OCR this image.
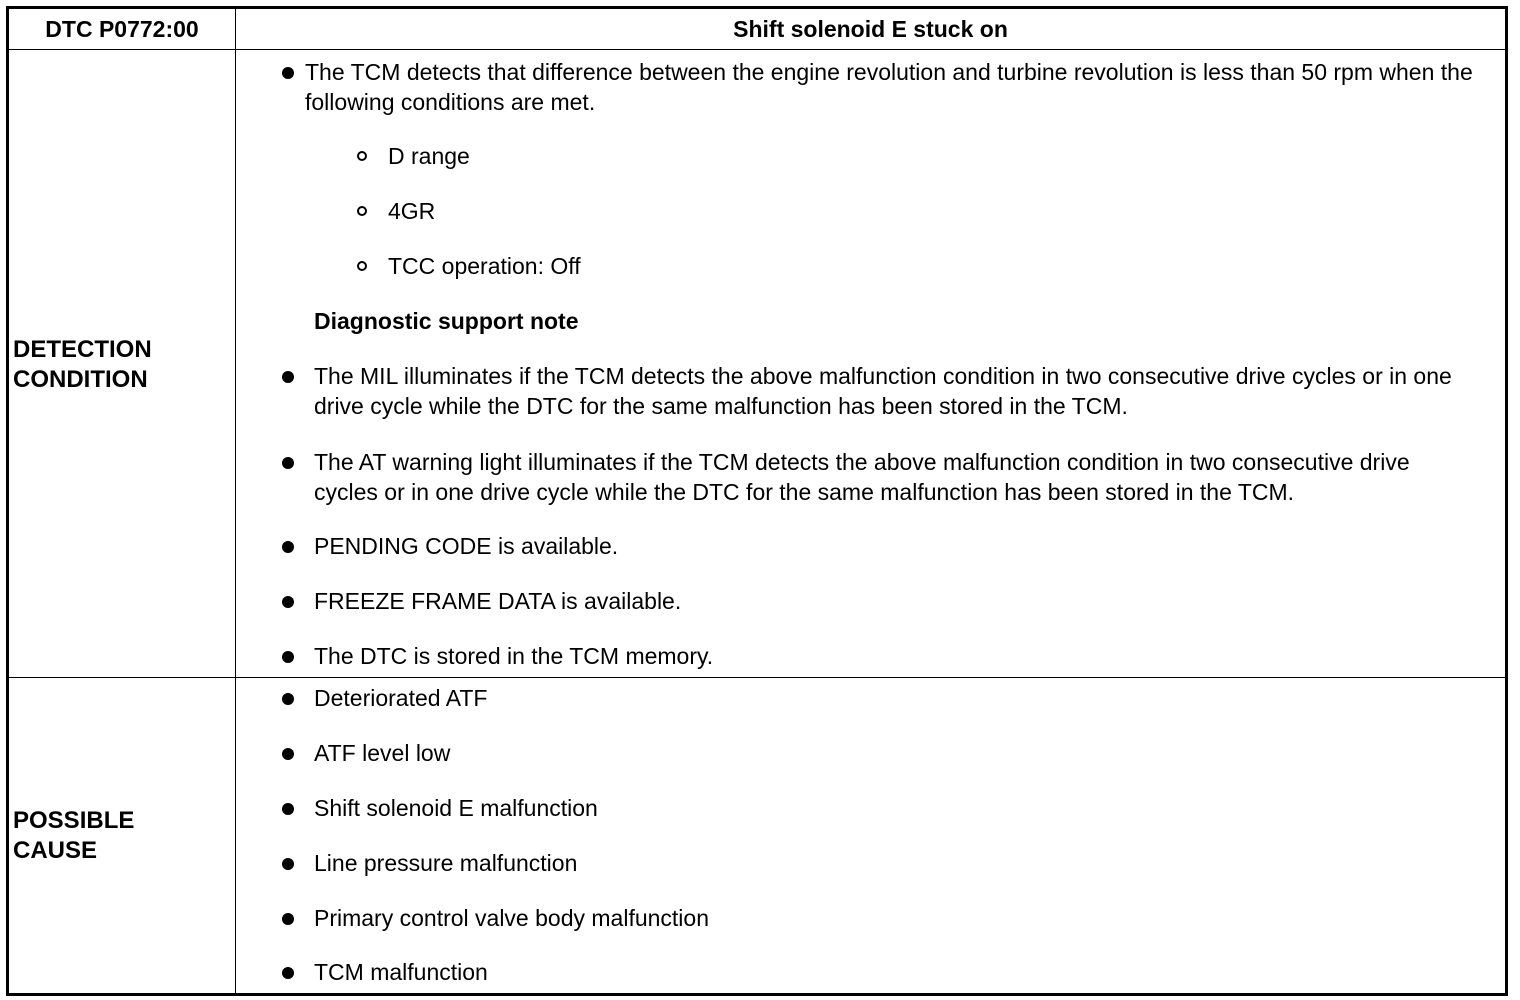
DTC P0772:00	Shift solenoid E stuck on
DETECTION
CONDITION
POSSIBLE
CAUSE
The TCM detects that difference between the engine revolution and turbine revolution is less than 50 rpm when the following conditions are met.
D range
4GR
TCC operation: Off
Diagnostic support note
The MIL illuminates if the TCM detects the above malfunction condition in two consecutive drive cycles or in one drive cycle while the DTC for the same malfunction has been stored in the TCM.
The AT warning light illuminates if the TCM detects the above malfunction condition in two consecutive drive cycles or in one drive cycle while the DTC for the same malfunction has been stored in the TCM.
PENDING CODE is available.
FREEZE FRAME DATA is available.
The DTC is stored in the TCM memory.
Deteriorated ATF
ATF level low
Shift solenoid E malfunction
Line pressure malfunction
Primary control valve body malfunction
TCM malfunction
